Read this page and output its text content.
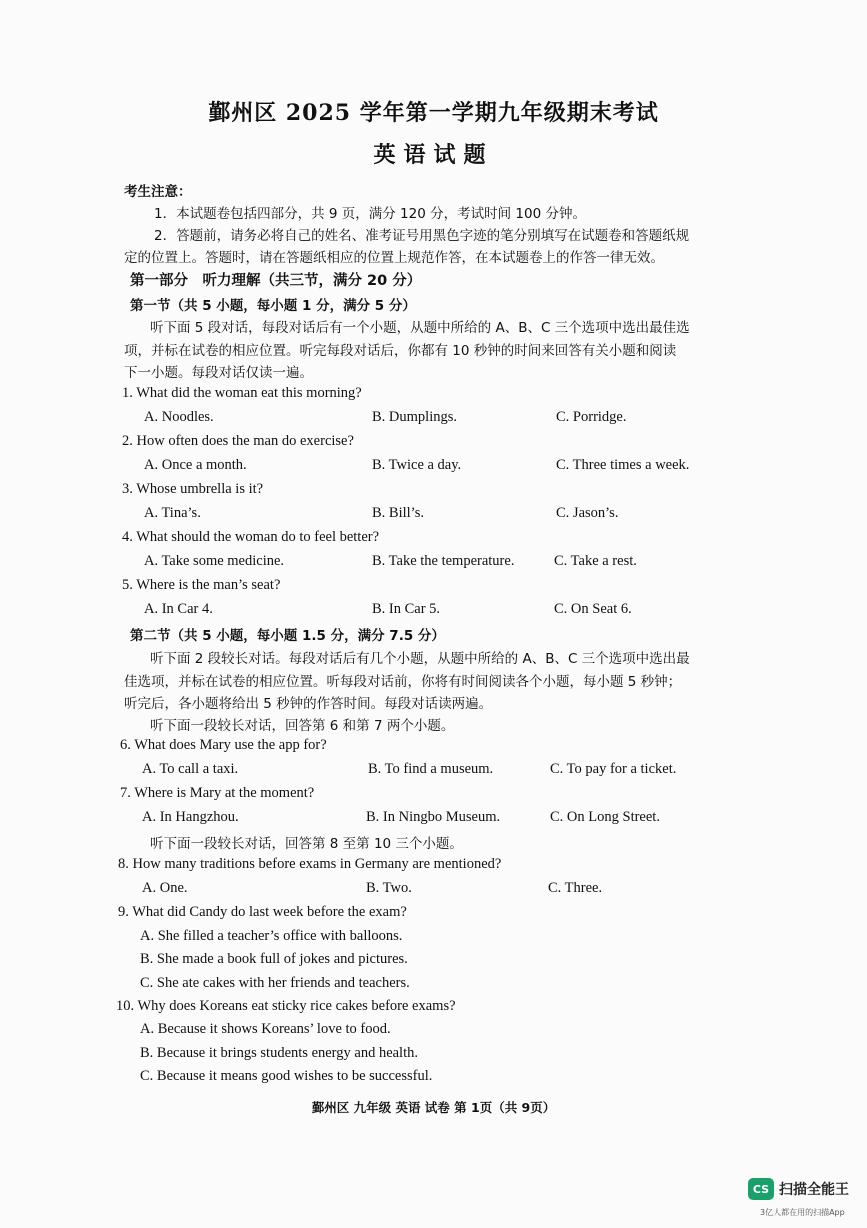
鄞州区 2025 学年第一学期九年级期末考试
英语试题
考生注意：
1．本试题卷包括四部分，共 9 页，满分 120 分，考试时间 100 分钟。
2．答题前，请务必将自己的姓名、准考证号用黑色字迹的笔分别填写在试题卷和答题纸规
定的位置上。答题时，请在答题纸相应的位置上规范作答，在本试题卷上的作答一律无效。
第一部分　听力理解（共三节，满分 20 分）
第一节（共 5 小题，每小题 1 分，满分 5 分）
听下面 5 段对话，每段对话后有一个小题，从题中所给的 A、B、C 三个选项中选出最佳选
项，并标在试卷的相应位置。听完每段对话后，你都有 10 秒钟的时间来回答有关小题和阅读
下一小题。每段对话仅读一遍。
1. What did the woman eat this morning?
A. Noodles.	B. Dumplings.	C. Porridge.
2. How often does the man do exercise?
A. Once a month.	B. Twice a day.	C. Three times a week.
3. Whose umbrella is it?
A. Tina’s.	B. Bill’s.	C. Jason’s.
4. What should the woman do to feel better?
A. Take some medicine.	B. Take the temperature.	C. Take a rest.
5. Where is the man’s seat?
A. In Car 4.	B. In Car 5.	C. On Seat 6.
第二节（共 5 小题，每小题 1.5 分，满分 7.5 分）
听下面 2 段较长对话。每段对话后有几个小题，从题中所给的 A、B、C 三个选项中选出最
佳选项，并标在试卷的相应位置。听每段对话前，你将有时间阅读各个小题，每小题 5 秒钟；
听完后，各小题将给出 5 秒钟的作答时间。每段对话读两遍。
听下面一段较长对话，回答第 6 和第 7 两个小题。
6. What does Mary use the app for?
A. To call a taxi.	B. To find a museum.	C. To pay for a ticket.
7. Where is Mary at the moment?
A. In Hangzhou.	B. In Ningbo Museum.	C. On Long Street.
听下面一段较长对话，回答第 8 至第 10 三个小题。
8. How many traditions before exams in Germany are mentioned?
A. One.	B. Two.	C. Three.
9. What did Candy do last week before the exam?
A. She filled a teacher’s office with balloons.
B. She made a book full of jokes and pictures.
C. She ate cakes with her friends and teachers.
10. Why does Koreans eat sticky rice cakes before exams?
A. Because it shows Koreans’ love to food.
B. Because it brings students energy and health.
C. Because it means good wishes to be successful.
鄞州区 九年级 英语 试卷 第 1页（共 9页）
CS 扫描全能王
3亿人都在用的扫描App
